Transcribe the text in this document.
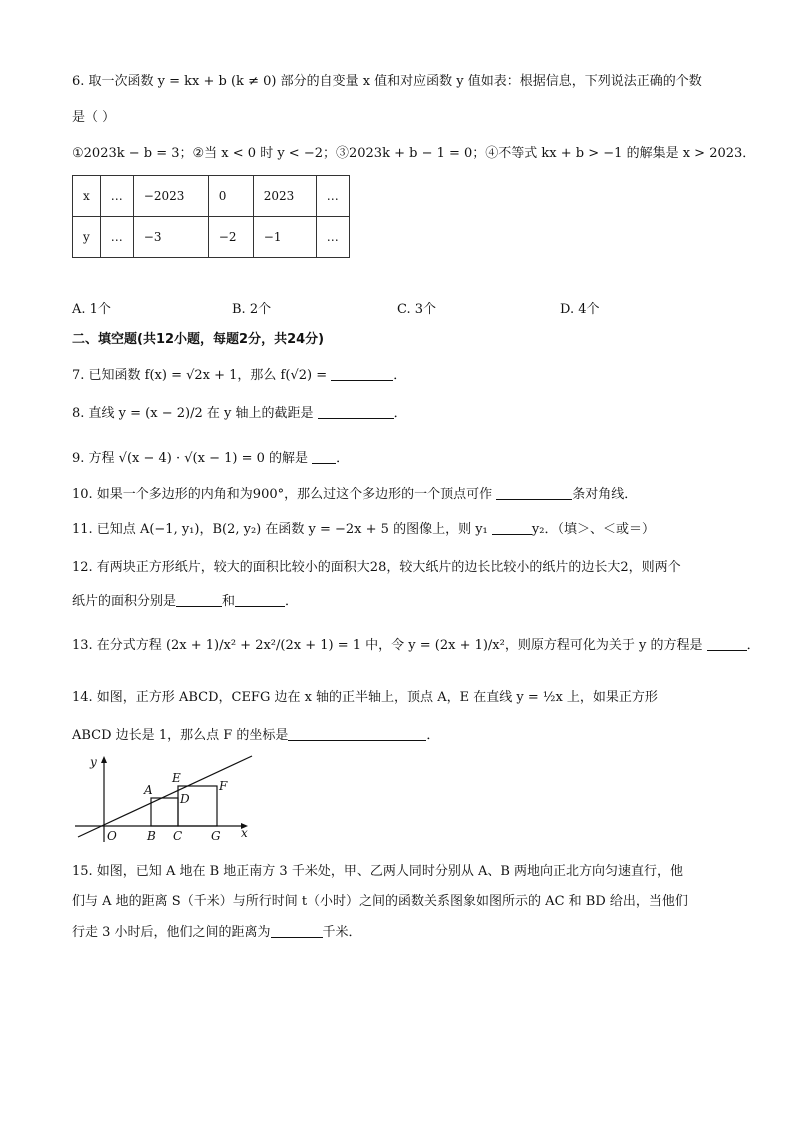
6. 取一次函数 y = kx + b (k ≠ 0) 部分的自变量 x 值和对应函数 y 值如表：根据信息，下列说法正确的个数
是（ ）
①2023k − b = 3；②当 x < 0 时 y < −2；③2023k + b − 1 = 0；④不等式 kx + b > −1 的解集是 x > 2023．
x	…	−2023	0	2023	…
y	…	−3	−2	−1	…
A. 1个	B. 2个	C. 3个	D. 4个
二、填空题(共12小题，每题2分，共24分)
7. 已知函数 f(x) = √2x + 1，那么 f(√2) =	．
8. 直线 y = (x − 2)/2 在 y 轴上的截距是	．
9. 方程 √(x − 4) · √(x − 1) = 0 的解是 ．
10. 如果一个多边形的内角和为900°，那么过这个多边形的一个顶点可作	条对角线．
11. 已知点 A(−1, y₁)，B(2, y₂) 在函数 y = −2x + 5 的图像上，则 y₁	y₂．（填＞、＜或＝）
12. 有两块正方形纸片，较大的面积比较小的面积大28，较大纸片的边长比较小的纸片的边长大2，则两个
纸片的面积分别是	和	．
13. 在分式方程 (2x + 1)/x² + 2x²/(2x + 1) = 1 中，令 y = (2x + 1)/x²，则原方程可化为关于 y 的方程是	．
14. 如图，正方形 ABCD，CEFG 边在 x 轴的正半轴上，顶点 A，E 在直线 y = ½x 上，如果正方形
ABCD 边长是 1，那么点 F 的坐标是	．
y
A
E
D
F
O	B C G x
15. 如图，已知 A 地在 B 地正南方 3 千米处，甲、乙两人同时分别从 A、B 两地向正北方向匀速直行，他
们与 A 地的距离 S（千米）与所行时间 t（小时）之间的函数关系图象如图所示的 AC 和 BD 给出，当他们
行走 3 小时后，他们之间的距离为	千米．
